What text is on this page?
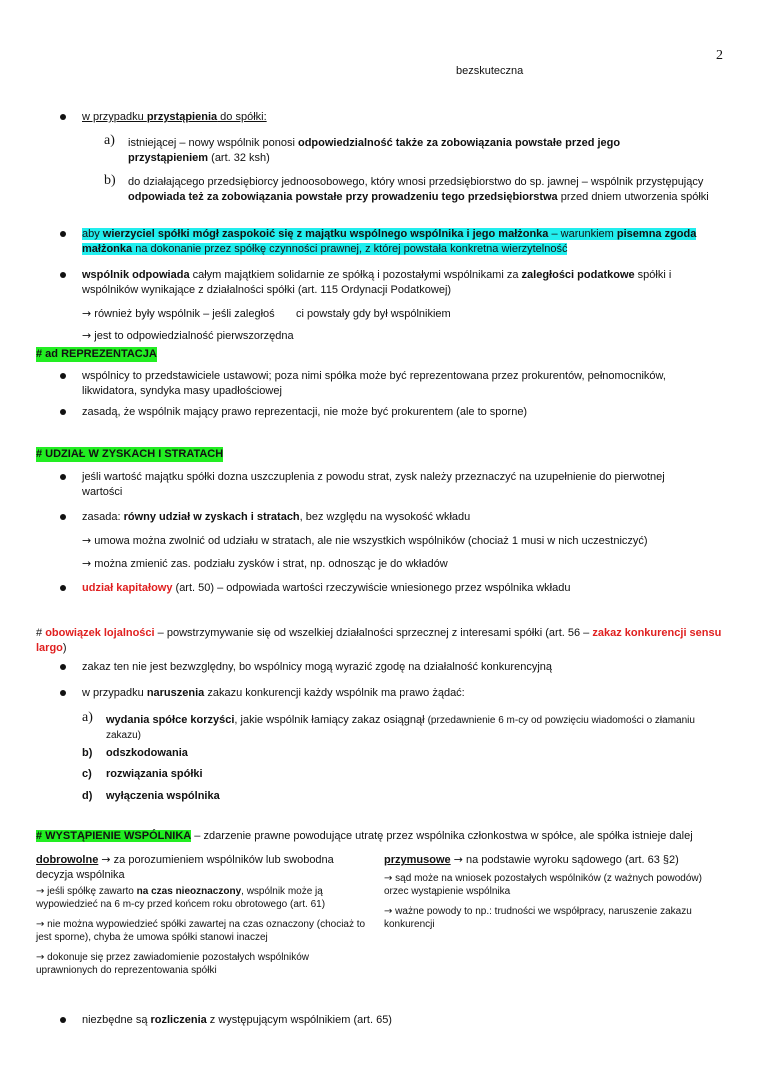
2
bezskuteczna
w przypadku przystąpienia do spółki:
a) istniejącej – nowy wspólnik ponosi odpowiedzialność także za zobowiązania powstałe przed jego przystąpieniem (art. 32 ksh)
b) do działającego przedsiębiorcy jednoosobowego, który wnosi przedsiębiorstwo do sp. jawnej – wspólnik przystępujący odpowiada też za zobowiązania powstałe przy prowadzeniu tego przedsiębiorstwa przed dniem utworzenia spółki
aby wierzyciel spółki mógł zaspokoić się z majątku wspólnego wspólnika i jego małżonka – warunkiem pisemna zgoda małżonka na dokonanie przez spółkę czynności prawnej, z której powstała konkretna wierzytelność
wspólnik odpowiada całym majątkiem solidarnie ze spółką i pozostałymi wspólnikami za zaległości podatkowe spółki i wspólników wynikające z działalności spółki (art. 115 Ordynacji Podatkowej)
→ również były wspólnik – jeśli zaległoś       ci powstały gdy był wspólnikiem
→ jest to odpowiedzialność pierwszorzędna
# ad REPREZENTACJA
wspólnicy to przedstawiciele ustawowi; poza nimi spółka może być reprezentowana przez prokurentów, pełnomocników, likwidatora, syndyka masy upadłościowej
zasadą, że wspólnik mający prawo reprezentacji, nie może być prokurentem (ale to sporne)
# UDZIAŁ W ZYSKACH I STRATACH
jeśli wartość majątku spółki dozna uszczuplenia z powodu strat, zysk należy przeznaczyć na uzupełnienie do pierwotnej wartości
zasada: równy udział w zyskach i stratach, bez względu na wysokość wkładu
→ umowa można zwolnić od udziału w stratach, ale nie wszystkich wspólników (chociaż 1 musi w nich uczestniczyć)
→ można zmienić zas. podziału zysków i strat, np. odnosząc je do wkładów
udział kapitałowy (art. 50) – odpowiada wartości rzeczywiście wniesionego przez wspólnika wkładu
# obowiązek lojalności – powstrzymywanie się od wszelkiej działalności sprzecznej z interesami spółki (art. 56 – zakaz konkurencji sensu largo)
zakaz ten nie jest bezwzględny, bo wspólnicy mogą wyrazić zgodę na działalność konkurencyjną
w przypadku naruszenia zakazu konkurencji każdy wspólnik ma prawo żądać:
a) wydania spółce korzyści, jakie wspólnik łamiący zakaz osiągnął (przedawnienie 6 m-cy od powzięciu wiadomości o złamaniu zakazu)
b) odszkodowania
c) rozwiązania spółki
d) wyłączenia wspólnika
# WYSTĄPIENIE WSPÓLNIKA – zdarzenie prawne powodujące utratę przez wspólnika członkostwa w spółce, ale spółka istnieje dalej
dobrowolne → za porozumieniem wspólników lub swobodna decyzja wspólnika
→ jeśli spółkę zawarto na czas nieoznaczony, wspólnik może ją wypowiedzieć na 6 m-cy przed końcem roku obrotowego (art. 61)
→ nie można wypowiedzieć spółki zawartej na czas oznaczony (chociaż to jest sporne), chyba że umowa spółki stanowi inaczej
→ dokonuje się przez zawiadomienie pozostałych wspólników uprawnionych do reprezentowania spółki
przymusowe → na podstawie wyroku sądowego (art. 63 §2)
→ sąd może na wniosek pozostałych wspólników (z ważnych powodów) orzec wystąpienie wspólnika
→ ważne powody to np.: trudności we współpracy, naruszenie zakazu konkurencji
niezbędne są rozliczenia z występującym wspólnikiem (art. 65)
